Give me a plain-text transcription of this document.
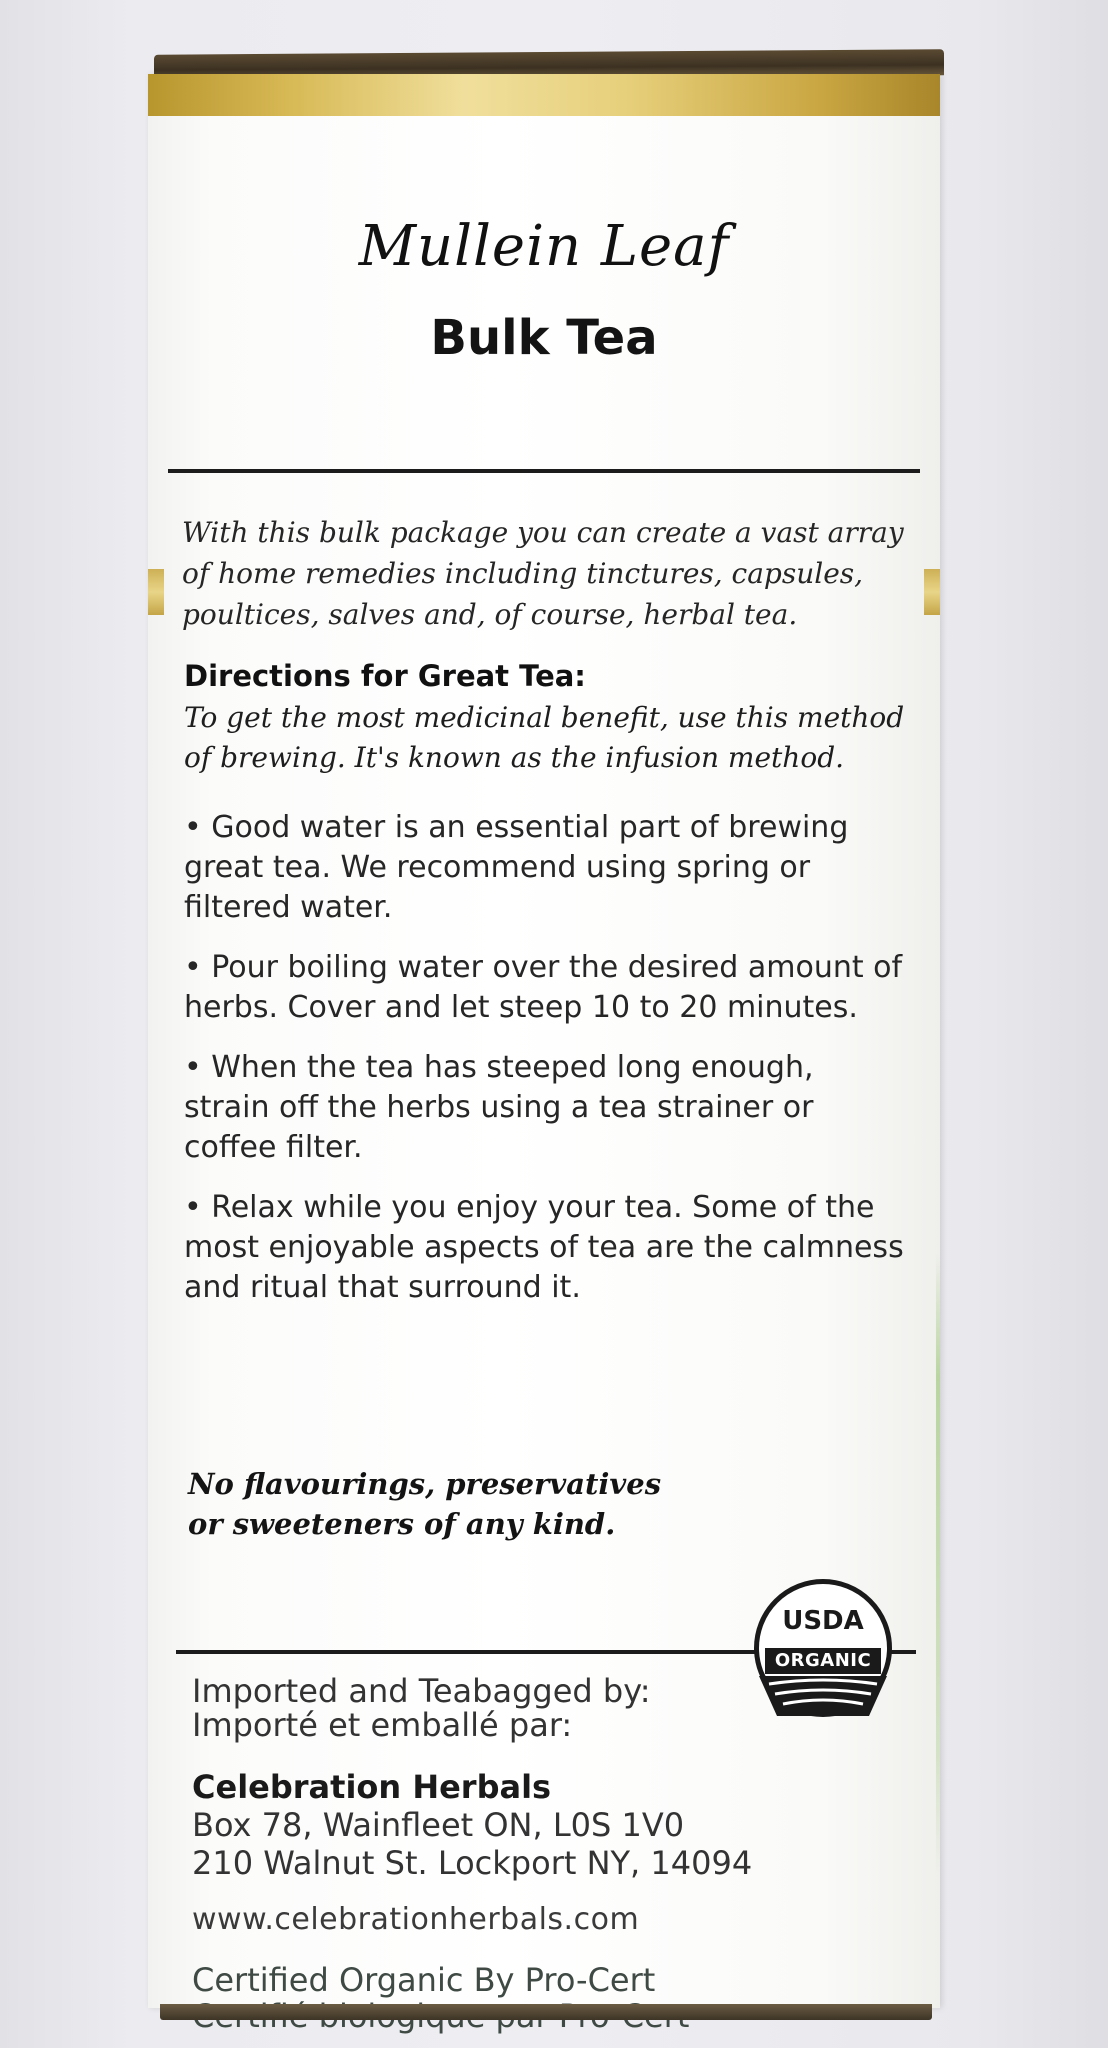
Mullein Leaf
Bulk Tea
With this bulk package you can create a vast array of home remedies including tinctures, capsules, poultices, salves and, of course, herbal tea.
Directions for Great Tea:
To get the most medicinal benefit, use this method of brewing. It's known as the infusion method.
• Good water is an essential part of brewing great tea. We recommend using spring or filtered water.
• Pour boiling water over the desired amount of herbs. Cover and let steep 10 to 20 minutes.
• When the tea has steeped long enough, strain off the herbs using a tea strainer or coffee filter.
• Relax while you enjoy your tea. Some of the most enjoyable aspects of tea are the calmness and ritual that surround it.
No flavourings, preservatives
or sweeteners of any kind.
USDA
ORGANIC
Imported and Teabagged by:
Importé et emballé par:
Celebration Herbals
Box 78, Wainfleet ON, L0S 1V0
210 Walnut St. Lockport NY, 14094
www.celebrationherbals.com
Certified Organic By Pro-Cert
